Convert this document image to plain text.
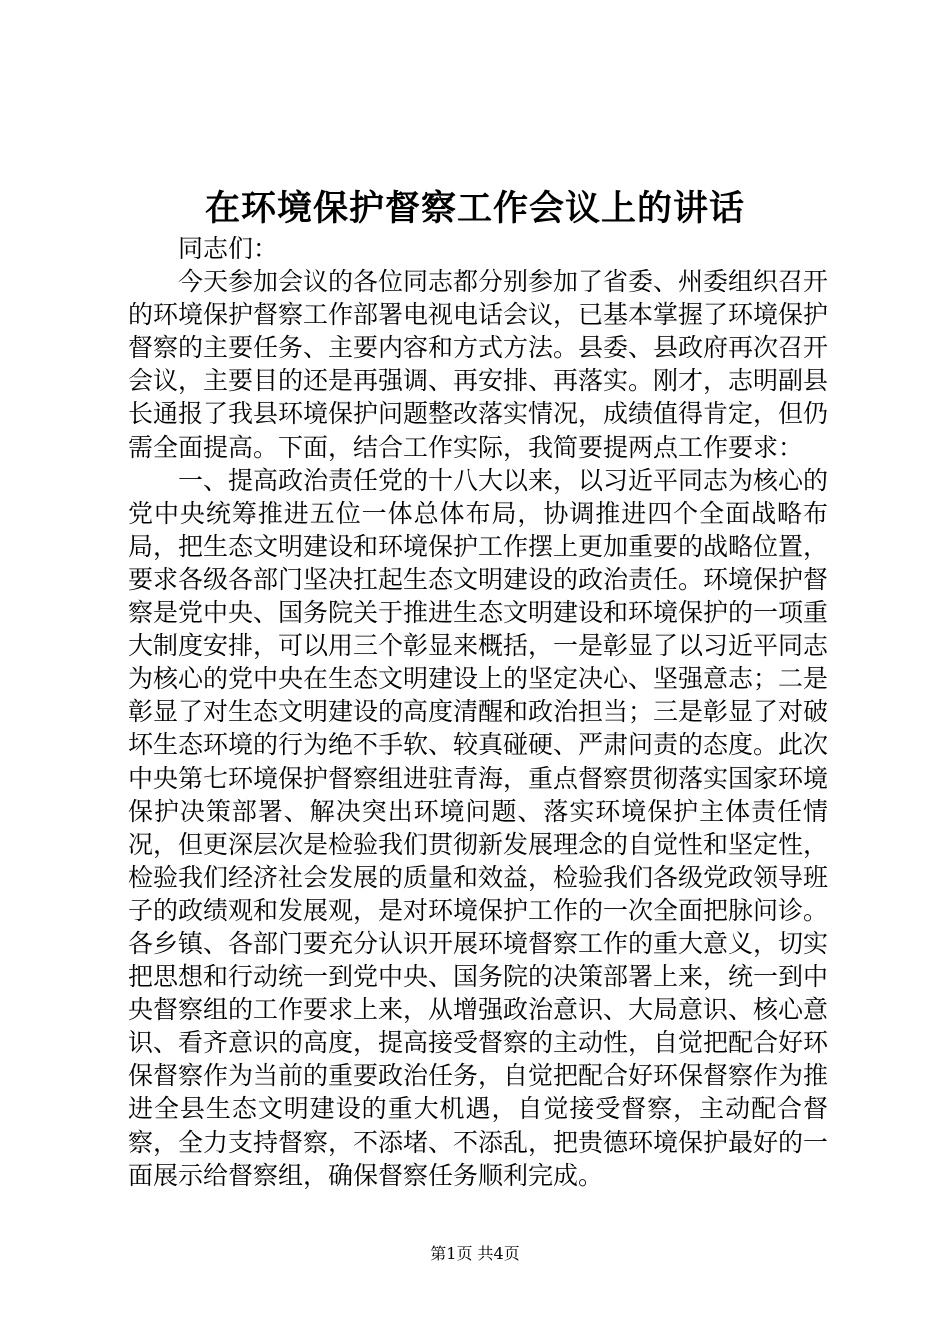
在环境保护督察工作会议上的讲话

同志们：

今天参加会议的各位同志都分别参加了省委、州委组织召开的环境保护督察工作部署电视电话会议，已基本掌握了环境保护督察的主要任务、主要内容和方式方法。县委、县政府再次召开会议，主要目的还是再强调、再安排、再落实。刚才，志明副县长通报了我县环境保护问题整改落实情况，成绩值得肯定，但仍需全面提高。下面，结合工作实际，我简要提两点工作要求：

一、提高政治责任党的十八大以来，以习近平同志为核心的党中央统筹推进五位一体总体布局，协调推进四个全面战略布局，把生态文明建设和环境保护工作摆上更加重要的战略位置，要求各级各部门坚决扛起生态文明建设的政治责任。环境保护督察是党中央、国务院关于推进生态文明建设和环境保护的一项重大制度安排，可以用三个彰显来概括，一是彰显了以习近平同志为核心的党中央在生态文明建设上的坚定决心、坚强意志；二是彰显了对生态文明建设的高度清醒和政治担当；三是彰显了对破坏生态环境的行为绝不手软、较真碰硬、严肃问责的态度。此次中央第七环境保护督察组进驻青海，重点督察贯彻落实国家环境保护决策部署、解决突出环境问题、落实环境保护主体责任情况，但更深层次是检验我们贯彻新发展理念的自觉性和坚定性，检验我们经济社会发展的质量和效益，检验我们各级党政领导班子的政绩观和发展观，是对环境保护工作的一次全面把脉问诊。各乡镇、各部门要充分认识开展环境督察工作的重大意义，切实把思想和行动统一到党中央、国务院的决策部署上来，统一到中央督察组的工作要求上来，从增强政治意识、大局意识、核心意识、看齐意识的高度，提高接受督察的主动性，自觉把配合好环保督察作为当前的重要政治任务，自觉把配合好环保督察作为推进全县生态文明建设的重大机遇，自觉接受督察，主动配合督察，全力支持督察，不添堵、不添乱，把贵德环境保护最好的一面展示给督察组，确保督察任务顺利完成。

第1页 共4页
